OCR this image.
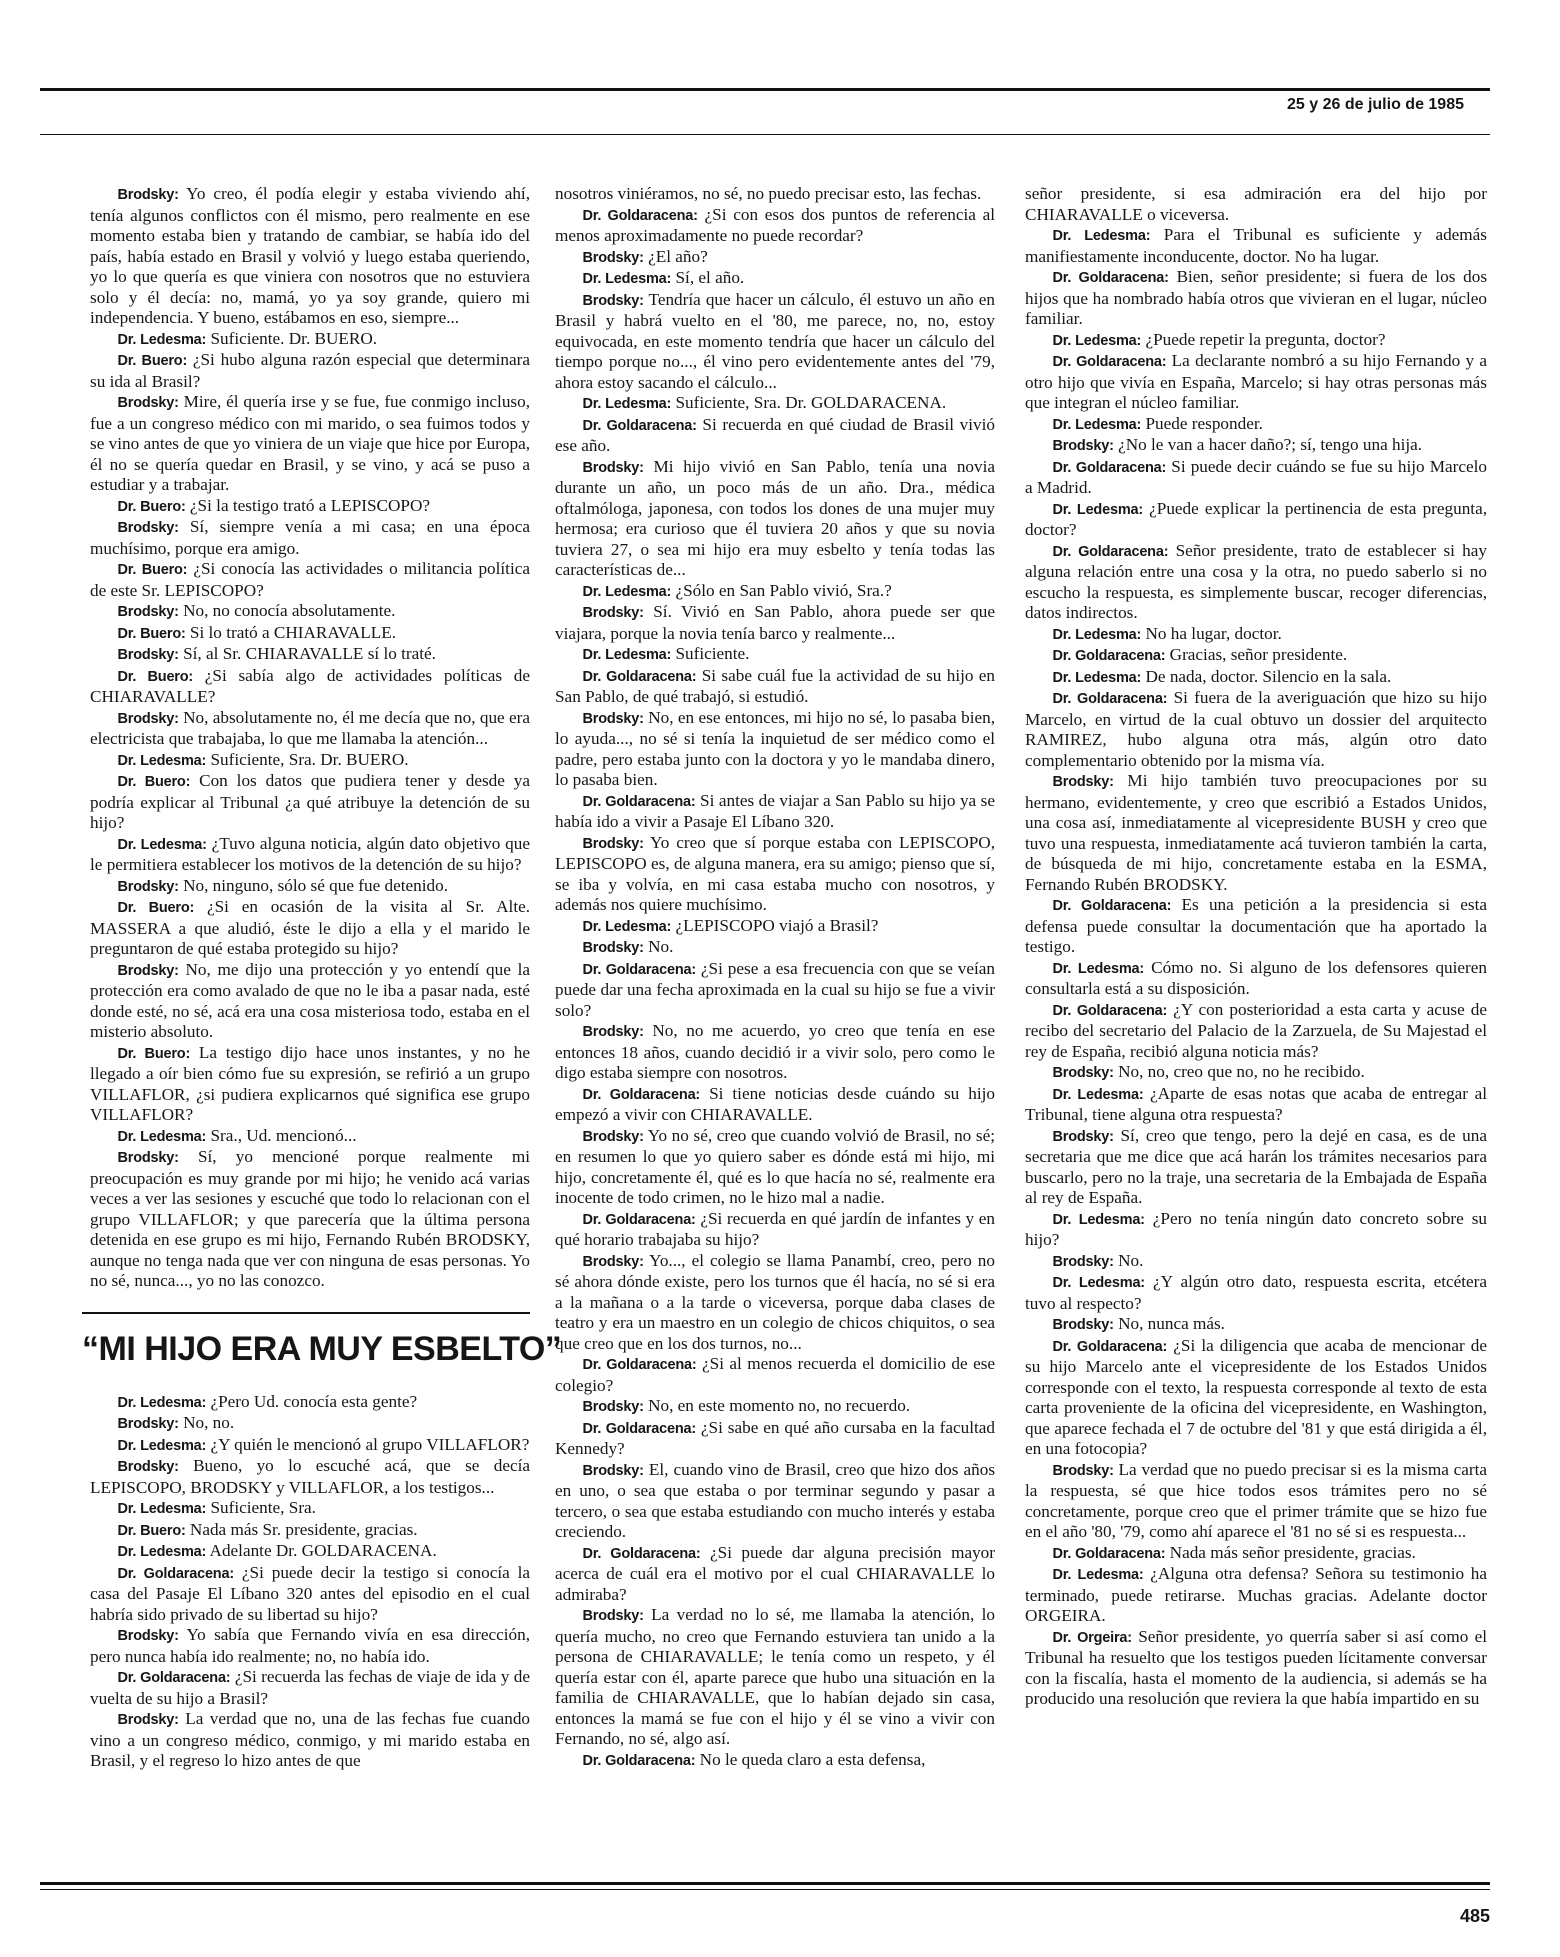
25 y 26 de julio de 1985

Brodsky: Yo creo, él podía elegir y estaba viviendo ahí, tenía algunos conflictos con él mismo, pero realmente en ese momento estaba bien y tratando de cambiar, se había ido del país, había estado en Brasil y volvió y luego estaba queriendo, yo lo que quería es que viniera con nosotros que no estuviera solo y él decía: no, mamá, yo ya soy grande, quiero mi independencia. Y bueno, estábamos en eso, siempre...

Dr. Ledesma: Suficiente. Dr. BUERO.

Dr. Buero: ¿Si hubo alguna razón especial que determinara su ida al Brasil?

Brodsky: Mire, él quería irse y se fue, fue conmigo incluso, fue a un congreso médico con mi marido, o sea fuimos todos y se vino antes de que yo viniera de un viaje que hice por Europa, él no se quería quedar en Brasil, y se vino, y acá se puso a estudiar y a trabajar.

Dr. Buero: ¿Si la testigo trató a LEPISCOPO?

Brodsky: Sí, siempre venía a mi casa; en una época muchísimo, porque era amigo.

Dr. Buero: ¿Si conocía las actividades o militancia política de este Sr. LEPISCOPO?

Brodsky: No, no conocía absolutamente.

Dr. Buero: Si lo trató a CHIARAVALLE.

Brodsky: Sí, al Sr. CHIARAVALLE sí lo traté.

Dr. Buero: ¿Si sabía algo de actividades políticas de CHIARAVALLE?

Brodsky: No, absolutamente no, él me decía que no, que era electricista que trabajaba, lo que me llamaba la atención...

Dr. Ledesma: Suficiente, Sra. Dr. BUERO.

Dr. Buero: Con los datos que pudiera tener y desde ya podría explicar al Tribunal ¿a qué atribuye la detención de su hijo?

Dr. Ledesma: ¿Tuvo alguna noticia, algún dato objetivo que le permitiera establecer los motivos de la detención de su hijo?

Brodsky: No, ninguno, sólo sé que fue detenido.

Dr. Buero: ¿Si en ocasión de la visita al Sr. Alte. MASSERA a que aludió, éste le dijo a ella y el marido le preguntaron de qué estaba protegido su hijo?

Brodsky: No, me dijo una protección y yo entendí que la protección era como avalado de que no le iba a pasar nada, esté donde esté, no sé, acá era una cosa misteriosa todo, estaba en el misterio absoluto.

Dr. Buero: La testigo dijo hace unos instantes, y no he llegado a oír bien cómo fue su expresión, se refirió a un grupo VILLAFLOR, ¿si pudiera explicarnos qué significa ese grupo VILLAFLOR?

Dr. Ledesma: Sra., Ud. mencionó...

Brodsky: Sí, yo mencioné porque realmente mi preocupación es muy grande por mi hijo; he venido acá varias veces a ver las sesiones y escuché que todo lo relacionan con el grupo VILLAFLOR; y que parecería que la última persona detenida en ese grupo es mi hijo, Fernando Rubén BRODSKY, aunque no tenga nada que ver con ninguna de esas personas. Yo no sé, nunca..., yo no las conozco.

“MI HIJO ERA MUY ESBELTO”

Dr. Ledesma: ¿Pero Ud. conocía esta gente?

Brodsky: No, no.

Dr. Ledesma: ¿Y quién le mencionó al grupo VILLAFLOR?

Brodsky: Bueno, yo lo escuché acá, que se decía LEPISCOPO, BRODSKY y VILLAFLOR, a los testigos...

Dr. Ledesma: Suficiente, Sra.

Dr. Buero: Nada más Sr. presidente, gracias.

Dr. Ledesma: Adelante Dr. GOLDARACENA.

Dr. Goldaracena: ¿Si puede decir la testigo si conocía la casa del Pasaje El Líbano 320 antes del episodio en el cual habría sido privado de su libertad su hijo?

Brodsky: Yo sabía que Fernando vivía en esa dirección, pero nunca había ido realmente; no, no había ido.

Dr. Goldaracena: ¿Si recuerda las fechas de viaje de ida y de vuelta de su hijo a Brasil?

Brodsky: La verdad que no, una de las fechas fue cuando vino a un congreso médico, conmigo, y mi marido estaba en Brasil, y el regreso lo hizo antes de que

nosotros viniéramos, no sé, no puedo precisar esto, las fechas.

Dr. Goldaracena: ¿Si con esos dos puntos de referencia al menos aproximadamente no puede recordar?

Brodsky: ¿El año?

Dr. Ledesma: Sí, el año.

Brodsky: Tendría que hacer un cálculo, él estuvo un año en Brasil y habrá vuelto en el '80, me parece, no, no, estoy equivocada, en este momento tendría que hacer un cálculo del tiempo porque no..., él vino pero evidentemente antes del '79, ahora estoy sacando el cálculo...

Dr. Ledesma: Suficiente, Sra. Dr. GOLDARACENA.

Dr. Goldaracena: Si recuerda en qué ciudad de Brasil vivió ese año.

Brodsky: Mi hijo vivió en San Pablo, tenía una novia durante un año, un poco más de un año. Dra., médica oftalmóloga, japonesa, con todos los dones de una mujer muy hermosa; era curioso que él tuviera 20 años y que su novia tuviera 27, o sea mi hijo era muy esbelto y tenía todas las características de...

Dr. Ledesma: ¿Sólo en San Pablo vivió, Sra.?

Brodsky: Sí. Vivió en San Pablo, ahora puede ser que viajara, porque la novia tenía barco y realmente...

Dr. Ledesma: Suficiente.

Dr. Goldaracena: Si sabe cuál fue la actividad de su hijo en San Pablo, de qué trabajó, si estudió.

Brodsky: No, en ese entonces, mi hijo no sé, lo pasaba bien, lo ayuda..., no sé si tenía la inquietud de ser médico como el padre, pero estaba junto con la doctora y yo le mandaba dinero, lo pasaba bien.

Dr. Goldaracena: Si antes de viajar a San Pablo su hijo ya se había ido a vivir a Pasaje El Líbano 320.

Brodsky: Yo creo que sí porque estaba con LEPISCOPO, LEPISCOPO es, de alguna manera, era su amigo; pienso que sí, se iba y volvía, en mi casa estaba mucho con nosotros, y además nos quiere muchísimo.

Dr. Ledesma: ¿LEPISCOPO viajó a Brasil?

Brodsky: No.

Dr. Goldaracena: ¿Si pese a esa frecuencia con que se veían puede dar una fecha aproximada en la cual su hijo se fue a vivir solo?

Brodsky: No, no me acuerdo, yo creo que tenía en ese entonces 18 años, cuando decidió ir a vivir solo, pero como le digo estaba siempre con nosotros.

Dr. Goldaracena: Si tiene noticias desde cuándo su hijo empezó a vivir con CHIARAVALLE.

Brodsky: Yo no sé, creo que cuando volvió de Brasil, no sé; en resumen lo que yo quiero saber es dónde está mi hijo, mi hijo, concretamente él, qué es lo que hacía no sé, realmente era inocente de todo crimen, no le hizo mal a nadie.

Dr. Goldaracena: ¿Si recuerda en qué jardín de infantes y en qué horario trabajaba su hijo?

Brodsky: Yo..., el colegio se llama Panambí, creo, pero no sé ahora dónde existe, pero los turnos que él hacía, no sé si era a la mañana o a la tarde o viceversa, porque daba clases de teatro y era un maestro en un colegio de chicos chiquitos, o sea que creo que en los dos turnos, no...

Dr. Goldaracena: ¿Si al menos recuerda el domicilio de ese colegio?

Brodsky: No, en este momento no, no recuerdo.

Dr. Goldaracena: ¿Si sabe en qué año cursaba en la facultad Kennedy?

Brodsky: El, cuando vino de Brasil, creo que hizo dos años en uno, o sea que estaba o por terminar segundo y pasar a tercero, o sea que estaba estudiando con mucho interés y estaba creciendo.

Dr. Goldaracena: ¿Si puede dar alguna precisión mayor acerca de cuál era el motivo por el cual CHIARAVALLE lo admiraba?

Brodsky: La verdad no lo sé, me llamaba la atención, lo quería mucho, no creo que Fernando estuviera tan unido a la persona de CHIARAVALLE; le tenía como un respeto, y él quería estar con él, aparte parece que hubo una situación en la familia de CHIARAVALLE, que lo habían dejado sin casa, entonces la mamá se fue con el hijo y él se vino a vivir con Fernando, no sé, algo así.

Dr. Goldaracena: No le queda claro a esta defensa,

señor presidente, si esa admiración era del hijo por CHIARAVALLE o viceversa.

Dr. Ledesma: Para el Tribunal es suficiente y además manifiestamente inconducente, doctor. No ha lugar.

Dr. Goldaracena: Bien, señor presidente; si fuera de los dos hijos que ha nombrado había otros que vivieran en el lugar, núcleo familiar.

Dr. Ledesma: ¿Puede repetir la pregunta, doctor?

Dr. Goldaracena: La declarante nombró a su hijo Fernando y a otro hijo que vivía en España, Marcelo; si hay otras personas más que integran el núcleo familiar.

Dr. Ledesma: Puede responder.

Brodsky: ¿No le van a hacer daño?; sí, tengo una hija.

Dr. Goldaracena: Si puede decir cuándo se fue su hijo Marcelo a Madrid.

Dr. Ledesma: ¿Puede explicar la pertinencia de esta pregunta, doctor?

Dr. Goldaracena: Señor presidente, trato de establecer si hay alguna relación entre una cosa y la otra, no puedo saberlo si no escucho la respuesta, es simplemente buscar, recoger diferencias, datos indirectos.

Dr. Ledesma: No ha lugar, doctor.

Dr. Goldaracena: Gracias, señor presidente.

Dr. Ledesma: De nada, doctor. Silencio en la sala.

Dr. Goldaracena: Si fuera de la averiguación que hizo su hijo Marcelo, en virtud de la cual obtuvo un dossier del arquitecto RAMIREZ, hubo alguna otra más, algún otro dato complementario obtenido por la misma vía.

Brodsky: Mi hijo también tuvo preocupaciones por su hermano, evidentemente, y creo que escribió a Estados Unidos, una cosa así, inmediatamente al vicepresidente BUSH y creo que tuvo una respuesta, inmediatamente acá tuvieron también la carta, de búsqueda de mi hijo, concretamente estaba en la ESMA, Fernando Rubén BRODSKY.

Dr. Goldaracena: Es una petición a la presidencia si esta defensa puede consultar la documentación que ha aportado la testigo.

Dr. Ledesma: Cómo no. Si alguno de los defensores quieren consultarla está a su disposición.

Dr. Goldaracena: ¿Y con posterioridad a esta carta y acuse de recibo del secretario del Palacio de la Zarzuela, de Su Majestad el rey de España, recibió alguna noticia más?

Brodsky: No, no, creo que no, no he recibido.

Dr. Ledesma: ¿Aparte de esas notas que acaba de entregar al Tribunal, tiene alguna otra respuesta?

Brodsky: Sí, creo que tengo, pero la dejé en casa, es de una secretaria que me dice que acá harán los trámites necesarios para buscarlo, pero no la traje, una secretaria de la Embajada de España al rey de España.

Dr. Ledesma: ¿Pero no tenía ningún dato concreto sobre su hijo?

Brodsky: No.

Dr. Ledesma: ¿Y algún otro dato, respuesta escrita, etcétera tuvo al respecto?

Brodsky: No, nunca más.

Dr. Goldaracena: ¿Si la diligencia que acaba de mencionar de su hijo Marcelo ante el vicepresidente de los Estados Unidos corresponde con el texto, la respuesta corresponde al texto de esta carta proveniente de la oficina del vicepresidente, en Washington, que aparece fechada el 7 de octubre del '81 y que está dirigida a él, en una fotocopia?

Brodsky: La verdad que no puedo precisar si es la misma carta la respuesta, sé que hice todos esos trámites pero no sé concretamente, porque creo que el primer trámite que se hizo fue en el año '80, '79, como ahí aparece el '81 no sé si es respuesta...

Dr. Goldaracena: Nada más señor presidente, gracias.

Dr. Ledesma: ¿Alguna otra defensa? Señora su testimonio ha terminado, puede retirarse. Muchas gracias. Adelante doctor ORGEIRA.

Dr. Orgeira: Señor presidente, yo querría saber si así como el Tribunal ha resuelto que los testigos pueden lícitamente conversar con la fiscalía, hasta el momento de la audiencia, si además se ha producido una resolución que reviera la que había impartido en su

485
